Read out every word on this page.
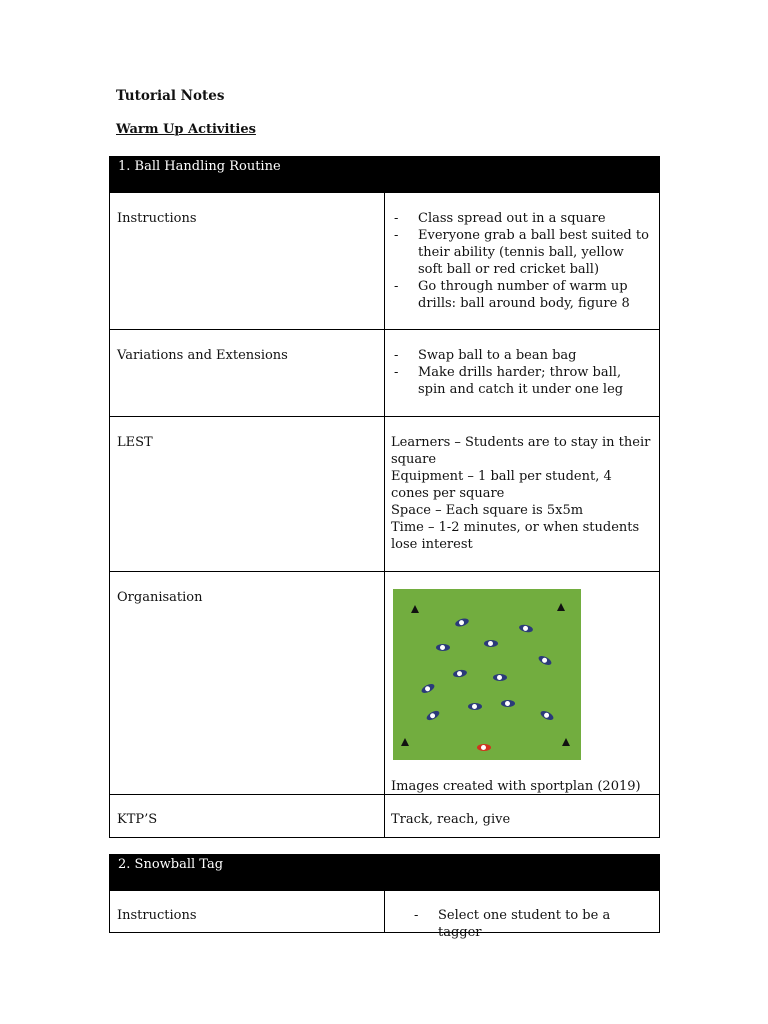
Tutorial Notes
Warm Up Activities
1. Ball Handling Routine
Instructions	- Class spread out in a square
- Everyone grab a ball best suited to their ability (tennis ball, yellow soft ball or red cricket ball)
- Go through number of warm up drills: ball around body, figure 8
Variations and Extensions	- Swap ball to a bean bag
- Make drills harder; throw ball, spin and catch it under one leg
LEST	Learners – Students are to stay in their square
Equipment – 1 ball per student, 4 cones per square
Space – Each square is 5x5m
Time – 1-2 minutes, or when students lose interest
Organisation
Images created with sportplan (2019)
KTP’S	Track, reach, give
2. Snowball Tag
Instructions	- Select one student to be a tagger
